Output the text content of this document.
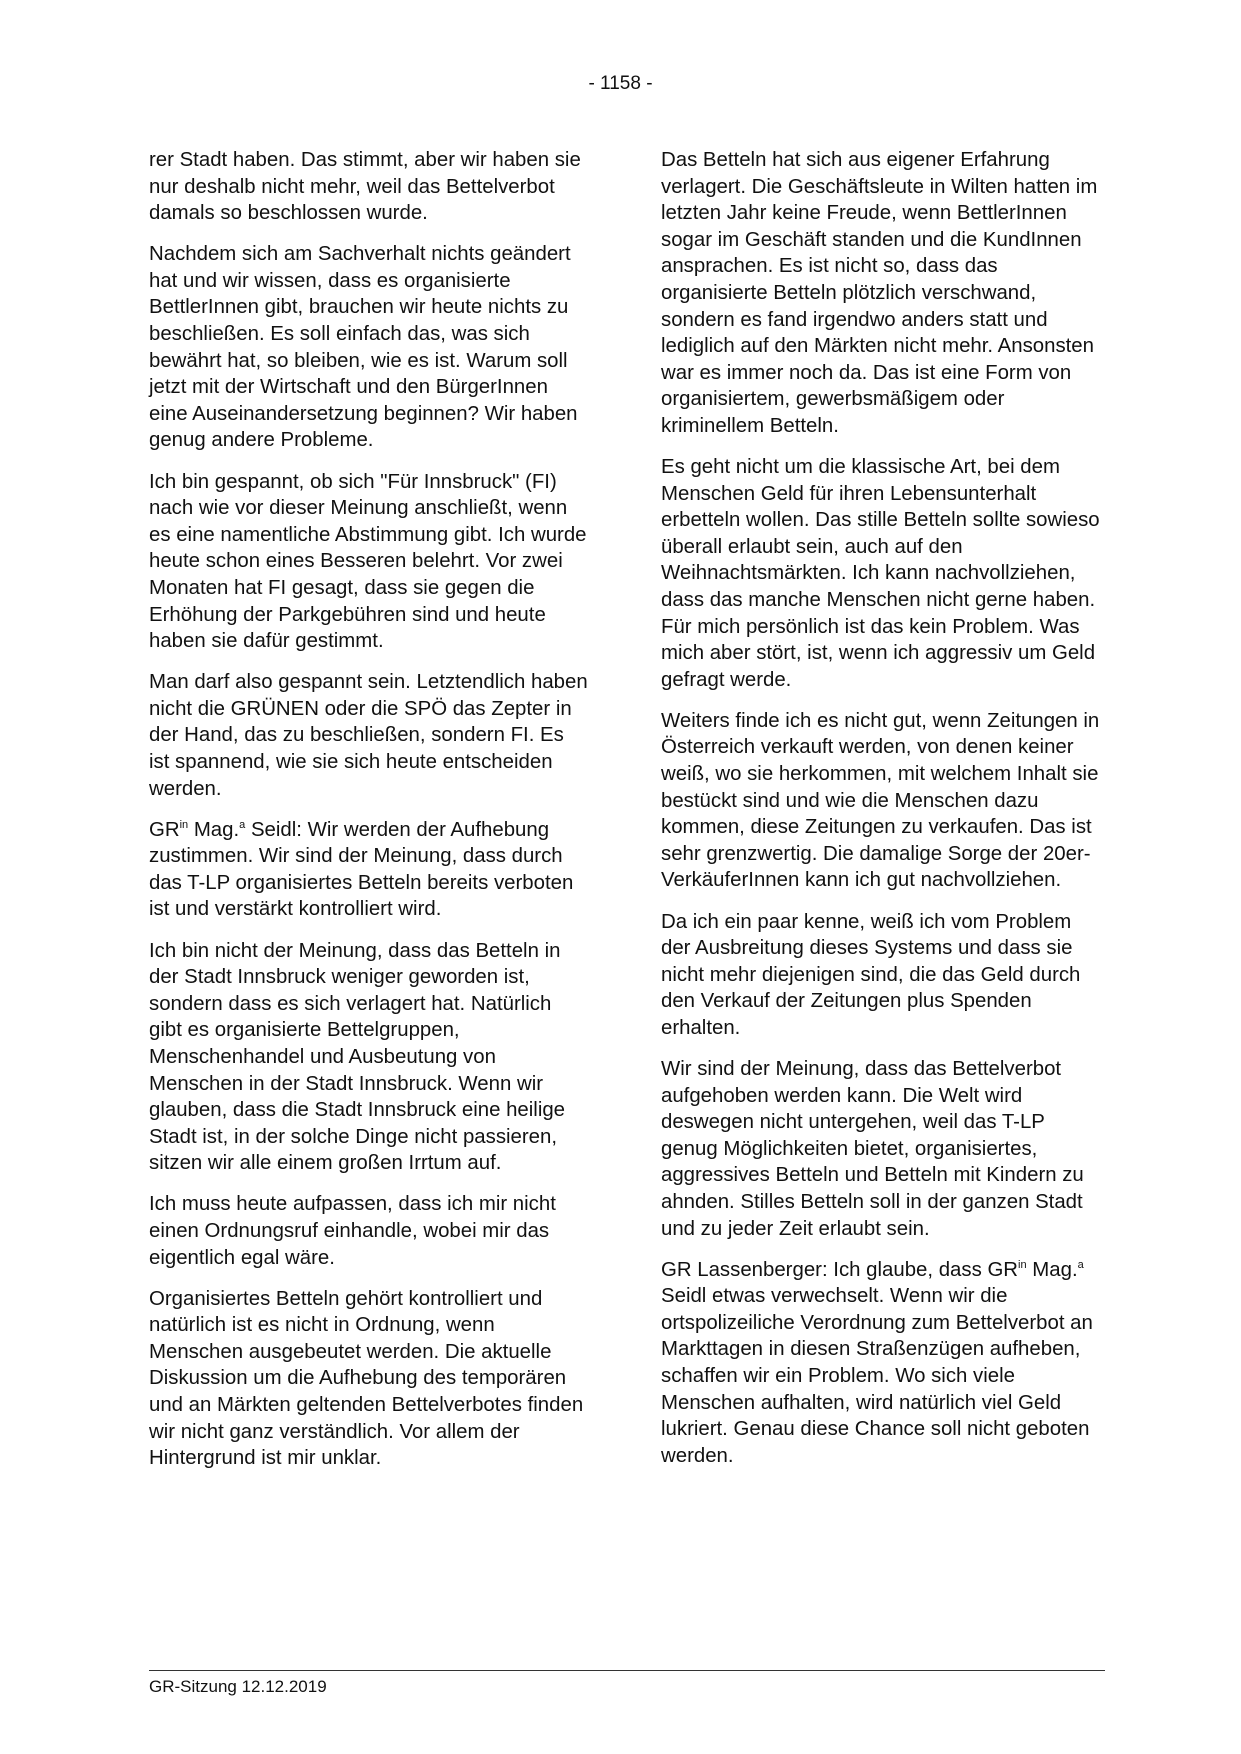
- 1158 -

rer Stadt haben. Das stimmt, aber wir haben sie nur deshalb nicht mehr, weil das Bettelverbot damals so beschlossen wurde.

Nachdem sich am Sachverhalt nichts geändert hat und wir wissen, dass es organisierte BettlerInnen gibt, brauchen wir heute nichts zu beschließen. Es soll einfach das, was sich bewährt hat, so bleiben, wie es ist. Warum soll jetzt mit der Wirtschaft und den BürgerInnen eine Auseinandersetzung beginnen? Wir haben genug andere Probleme.

Ich bin gespannt, ob sich "Für Innsbruck" (FI) nach wie vor dieser Meinung anschließt, wenn es eine namentliche Abstimmung gibt. Ich wurde heute schon eines Besseren belehrt. Vor zwei Monaten hat FI gesagt, dass sie gegen die Erhöhung der Parkgebühren sind und heute haben sie dafür gestimmt.

Man darf also gespannt sein. Letztendlich haben nicht die GRÜNEN oder die SPÖ das Zepter in der Hand, das zu beschließen, sondern FI. Es ist spannend, wie sie sich heute entscheiden werden.

$GR^{in}$ Mag.$^a$ Seidl: Wir werden der Aufhebung zustimmen. Wir sind der Meinung, dass durch das T-LP organisiertes Betteln bereits verboten ist und verstärkt kontrolliert wird.

Ich bin nicht der Meinung, dass das Betteln in der Stadt Innsbruck weniger geworden ist, sondern dass es sich verlagert hat. Natürlich gibt es organisierte Bettelgruppen, Menschenhandel und Ausbeutung von Menschen in der Stadt Innsbruck. Wenn wir glauben, dass die Stadt Innsbruck eine heilige Stadt ist, in der solche Dinge nicht passieren, sitzen wir alle einem großen Irrtum auf.

Ich muss heute aufpassen, dass ich mir nicht einen Ordnungsruf einhandle, wobei mir das eigentlich egal wäre.

Organisiertes Betteln gehört kontrolliert und natürlich ist es nicht in Ordnung, wenn Menschen ausgebeutet werden. Die aktuelle Diskussion um die Aufhebung des temporären und an Märkten geltenden Bettelverbotes finden wir nicht ganz verständlich. Vor allem der Hintergrund ist mir unklar.

Das Betteln hat sich aus eigener Erfahrung verlagert. Die Geschäftsleute in Wilten hatten im letzten Jahr keine Freude, wenn BettlerInnen sogar im Geschäft standen und die KundInnen ansprachen. Es ist nicht so, dass das organisierte Betteln plötzlich verschwand, sondern es fand irgendwo anders statt und lediglich auf den Märkten nicht mehr. Ansonsten war es immer noch da. Das ist eine Form von organisiertem, gewerbsmäßigem oder kriminellem Betteln.

Es geht nicht um die klassische Art, bei dem Menschen Geld für ihren Lebensunterhalt erbetteln wollen. Das stille Betteln sollte sowieso überall erlaubt sein, auch auf den Weihnachtsmärkten. Ich kann nachvollziehen, dass das manche Menschen nicht gerne haben. Für mich persönlich ist das kein Problem. Was mich aber stört, ist, wenn ich aggressiv um Geld gefragt werde.

Weiters finde ich es nicht gut, wenn Zeitungen in Österreich verkauft werden, von denen keiner weiß, wo sie herkommen, mit welchem Inhalt sie bestückt sind und wie die Menschen dazu kommen, diese Zeitungen zu verkaufen. Das ist sehr grenzwertig. Die damalige Sorge der 20er-VerkäuferInnen kann ich gut nachvollziehen.

Da ich ein paar kenne, weiß ich vom Problem der Ausbreitung dieses Systems und dass sie nicht mehr diejenigen sind, die das Geld durch den Verkauf der Zeitungen plus Spenden erhalten.

Wir sind der Meinung, dass das Bettelverbot aufgehoben werden kann. Die Welt wird deswegen nicht untergehen, weil das T-LP genug Möglichkeiten bietet, organisiertes, aggressives Betteln und Betteln mit Kindern zu ahnden. Stilles Betteln soll in der ganzen Stadt und zu jeder Zeit erlaubt sein.

GR Lassenberger: Ich glaube, dass $GR^{in}$ Mag.$^a$ Seidl etwas verwechselt. Wenn wir die ortspolizeiliche Verordnung zum Bettelverbot an Markttagen in diesen Straßenzügen aufheben, schaffen wir ein Problem. Wo sich viele Menschen aufhalten, wird natürlich viel Geld lukriert. Genau diese Chance soll nicht geboten werden.

GR-Sitzung 12.12.2019
